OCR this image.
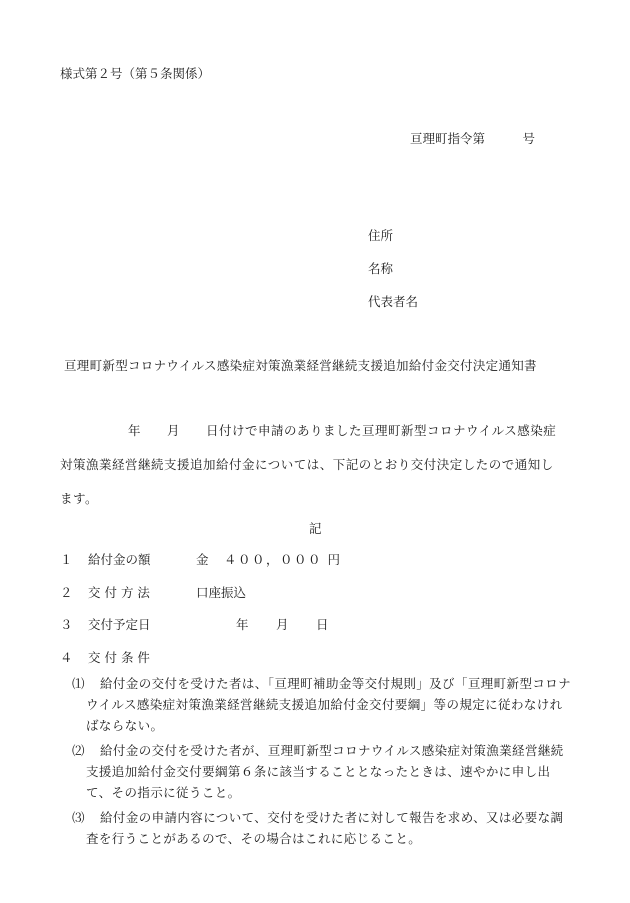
様式第２号（第５条関係）
亘理町指令第　　　号
住所
名称
代表者名
亘理町新型コロナウイルス感染症対策漁業経営継続支援追加給付金交付決定通知書
年 月 日付けで申請のありました亘理町新型コロナウイルス感染症
対策漁業経営継続支援追加給付金については、下記のとおり交付決定したので通知し
ます。
記
１ 給付金の額	金　４００，０００ 円
２ 交 付 方 法	口座振込
３ 交付予定日	年 月 日
４ 交 付 条 件
⑴	給付金の交付を受けた者は、「亘理町補助金等交付規則」及び「亘理町新型コロナウイルス感染症対策漁業経営継続支援追加給付金交付要綱」等の規定に従わなければならない。
⑵	給付金の交付を受けた者が、亘理町新型コロナウイルス感染症対策漁業経営継続支援追加給付金交付要綱第６条に該当することとなったときは、速やかに申し出て、その指示に従うこと。
⑶	給付金の申請内容について、交付を受けた者に対して報告を求め、又は必要な調査を行うことがあるので、その場合はこれに応じること。
